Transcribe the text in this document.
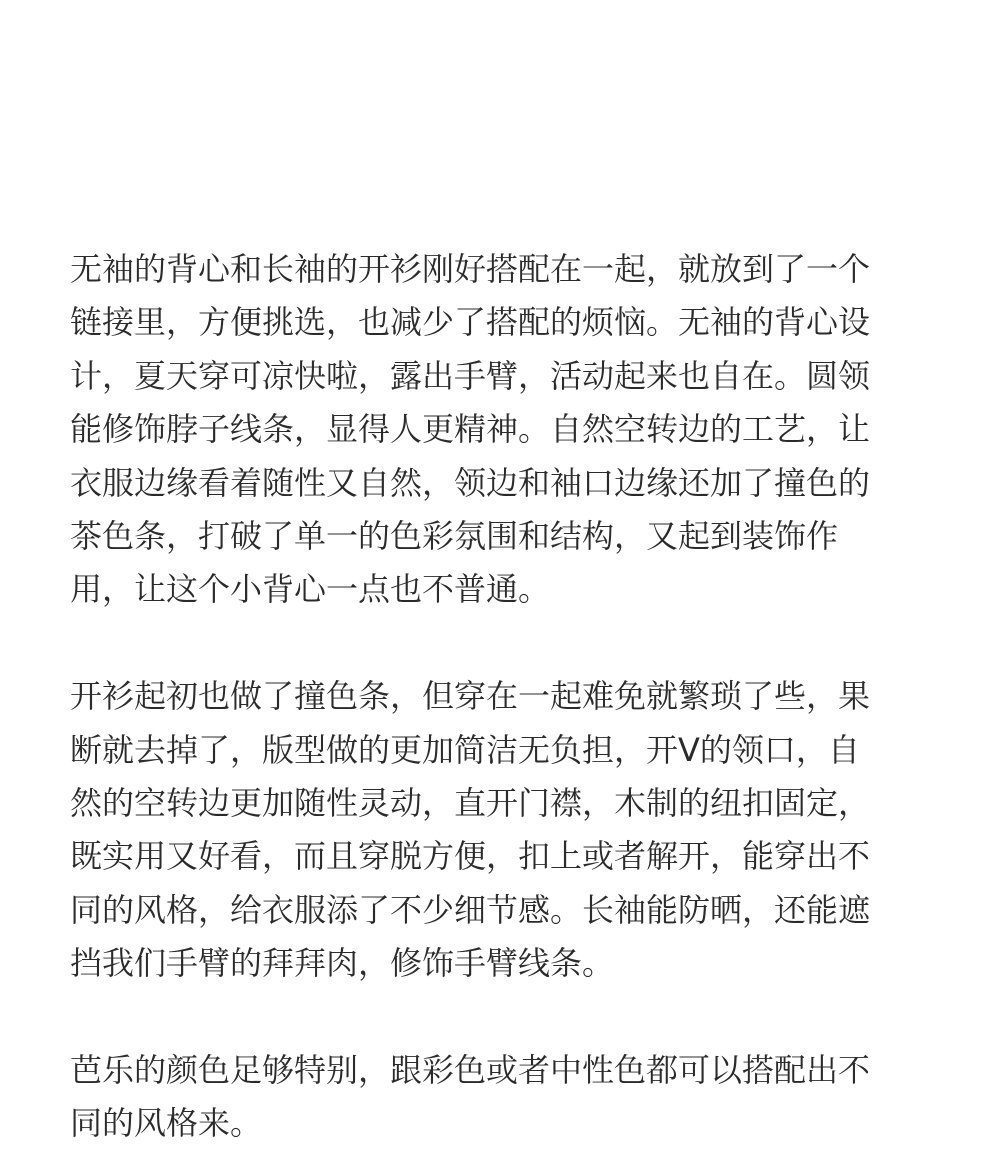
无袖的背心和长袖的开衫刚好搭配在一起，就放到了一个
链接里，方便挑选，也减少了搭配的烦恼。无袖的背心设
计，夏天穿可凉快啦，露出手臂，活动起来也自在。圆领
能修饰脖子线条，显得人更精神。自然空转边的工艺，让
衣服边缘看着随性又自然，领边和袖口边缘还加了撞色的
茶色条，打破了单一的色彩氛围和结构，又起到装饰作
用，让这个小背心一点也不普通。

开衫起初也做了撞色条，但穿在一起难免就繁琐了些，果
断就去掉了，版型做的更加简洁无负担，开V的领口，自
然的空转边更加随性灵动，直开门襟，木制的纽扣固定，
既实用又好看，而且穿脱方便，扣上或者解开，能穿出不
同的风格，给衣服添了不少细节感。长袖能防晒，还能遮
挡我们手臂的拜拜肉，修饰手臂线条。

芭乐的颜色足够特别，跟彩色或者中性色都可以搭配出不
同的风格来。
